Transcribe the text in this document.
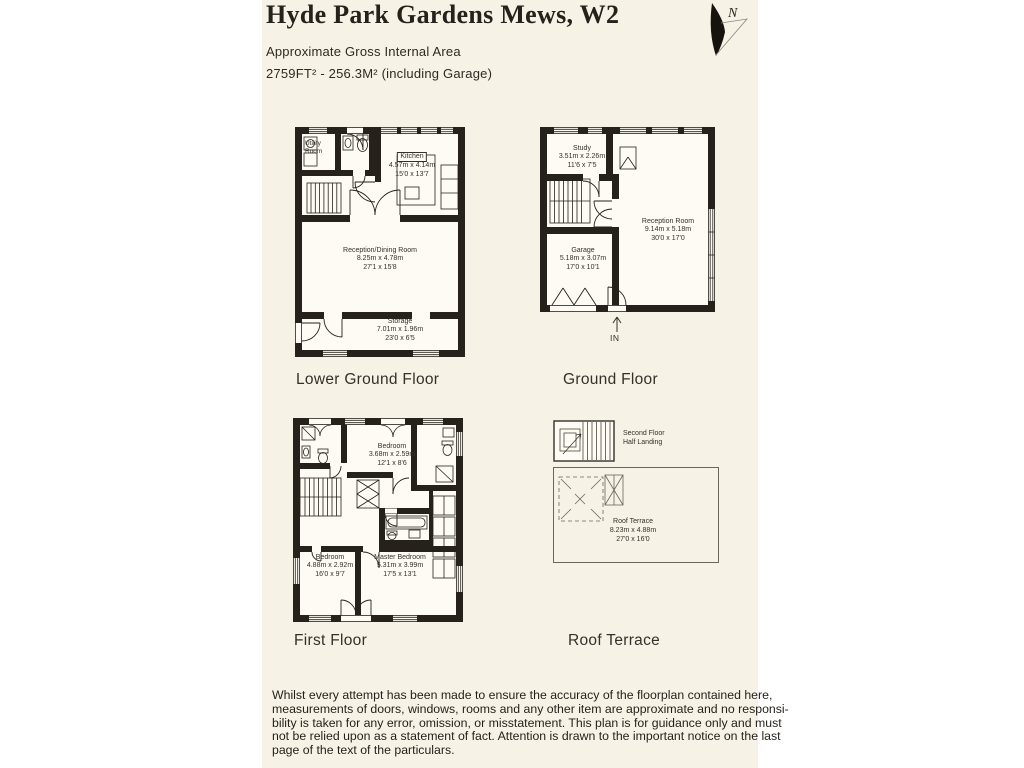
Hyde Park Gardens Mews, W2
Approximate Gross Internal Area
2759FT² - 256.3M² (including Garage)
N
Utility Room
Kitchen
4.57m x 4.14m
15'0 x 13'7
Reception/Dining Room
8.25m x 4.78m
27'1 x 15'8
Storage
7.01m x 1.96m
23'0 x 6'5
Lower Ground Floor
Study
3.51m x 2.26m
11'6 x 7'5
Reception Room
9.14m x 5.18m
30'0 x 17'0
Garage
5.18m x 3.07m
17'0 x 10'1
IN
Ground Floor
Bedroom
3.68m x 2.59m
12'1 x 8'6
Bedroom
4.88m x 2.92m
16'0 x 9'7
Master Bedroom
5.31m x 3.99m
17'5 x 13'1
First Floor
Second Floor
Half Landing
Roof Terrace
8.23m x 4.88m
27'0 x 16'0
Roof Terrace
Whilst every attempt has been made to ensure the accuracy of the floorplan contained here,
measurements of doors, windows, rooms and any other item are approximate and no responsi-
bility is taken for any error, omission, or misstatement. This plan is for guidance only and must
not be relied upon as a statement of fact. Attention is drawn to the important notice on the last
page of the text of the particulars.
